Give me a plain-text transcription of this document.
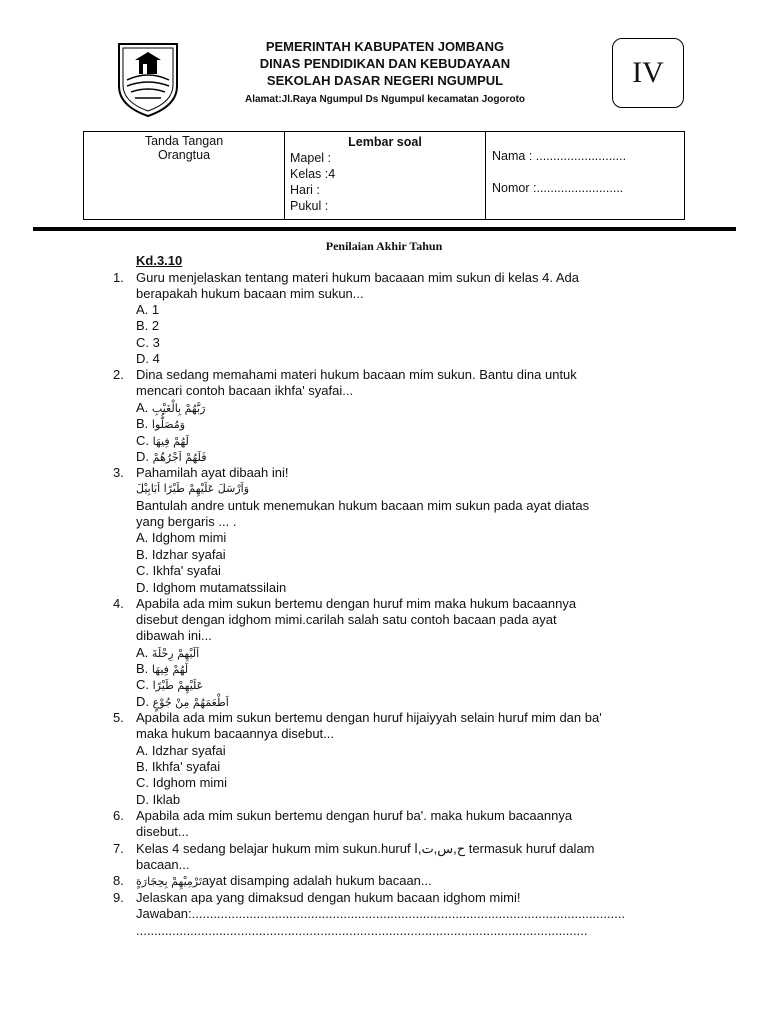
PEMERINTAH KABUPATEN JOMBANG
DINAS PENDIDIKAN DAN KEBUDAYAAN
SEKOLAH DASAR NEGERI NGUMPUL
Alamat:Jl.Raya Ngumpul Ds Ngumpul kecamatan Jogoroto
IV
Tanda Tangan
Orangtua

Lembar soal
Mapel :
Kelas :4
Hari :
Pukul :

Nama : ..........................
Nomor :.........................
Penilaian Akhir Tahun
Kd.3.10
1. Guru menjelaskan tentang materi hukum bacaaan mim sukun di kelas 4. Ada
berapakah hukum bacaan mim sukun...
A. 1
B. 2
C. 3
D. 4
2. Dina sedang memahami materi hukum bacaan mim sukun. Bantu dina untuk
mencari contoh bacaan ikhfa' syafai...
A. رَبَّهُمْ بِالْغَيْبِ
B. وَمُصَلُّوا
C. لَهُمْ فِيهَا
D. فَلَهُمْ اَجْرُهُمْ
3. Pahamilah ayat dibaah ini!
وَاَرْسَلَ عَلَيْهِمْ طَيْرًا اَبَابِيْلَ
Bantulah andre untuk menemukan hukum bacaan mim sukun pada ayat diatas
yang bergaris ... .
A. Idghom mimi
B. Idzhar syafai
C. Ikhfa' syafai
D. Idghom mutamatssilain
4. Apabila ada mim sukun bertemu dengan huruf mim maka hukum bacaannya
disebut dengan idghom mimi.carilah salah satu contoh bacaan pada ayat
dibawah ini...
A. اَلَيْهِمْ رِحْلَةَ
B. لَهُمْ فِيهَا
C. عَلَيْهِمْ طَيْرًا
D. اَطْعَمَهُمْ مِنْ جُوْعٍ
5. Apabila ada mim sukun bertemu dengan huruf hijaiyyah selain huruf mim dan ba'
maka hukum bacaannya disebut...
A. Idzhar syafai
B. Ikhfa' syafai
C. Idghom mimi
D. Iklab
6. Apabila ada mim sukun bertemu dengan huruf ba'. maka hukum bacaannya
disebut...
7. Kelas 4 sedang belajar hukum mim sukun.huruf ح,س,ت,ا termasuk huruf dalam
bacaan...
8. تَرْمِيْهِمْ بِحِجَارَةٍayat disamping adalah hukum bacaan...
9. Jelaskan apa yang dimaksud dengan hukum bacaan idghom mimi!
Jawaban:........................................................................................................................
.............................................................................................................................
